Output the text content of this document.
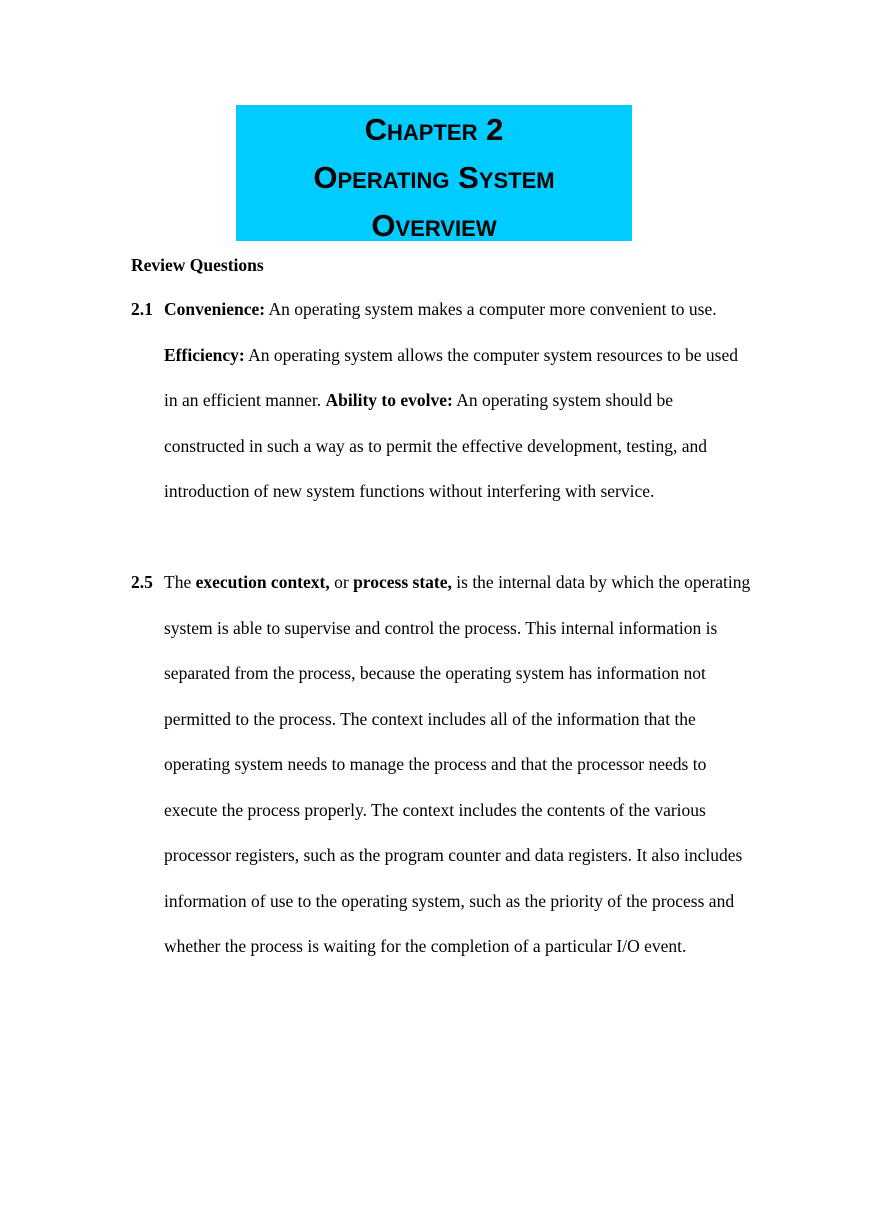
CHAPTER 2
OPERATING SYSTEM
OVERVIEW
Review Questions
2.1 Convenience: An operating system makes a computer more convenient to use. Efficiency: An operating system allows the computer system resources to be used in an efficient manner. Ability to evolve: An operating system should be constructed in such a way as to permit the effective development, testing, and introduction of new system functions without interfering with service.
2.5 The execution context, or process state, is the internal data by which the operating system is able to supervise and control the process. This internal information is separated from the process, because the operating system has information not permitted to the process. The context includes all of the information that the operating system needs to manage the process and that the processor needs to execute the process properly. The context includes the contents of the various processor registers, such as the program counter and data registers. It also includes information of use to the operating system, such as the priority of the process and whether the process is waiting for the completion of a particular I/O event.
